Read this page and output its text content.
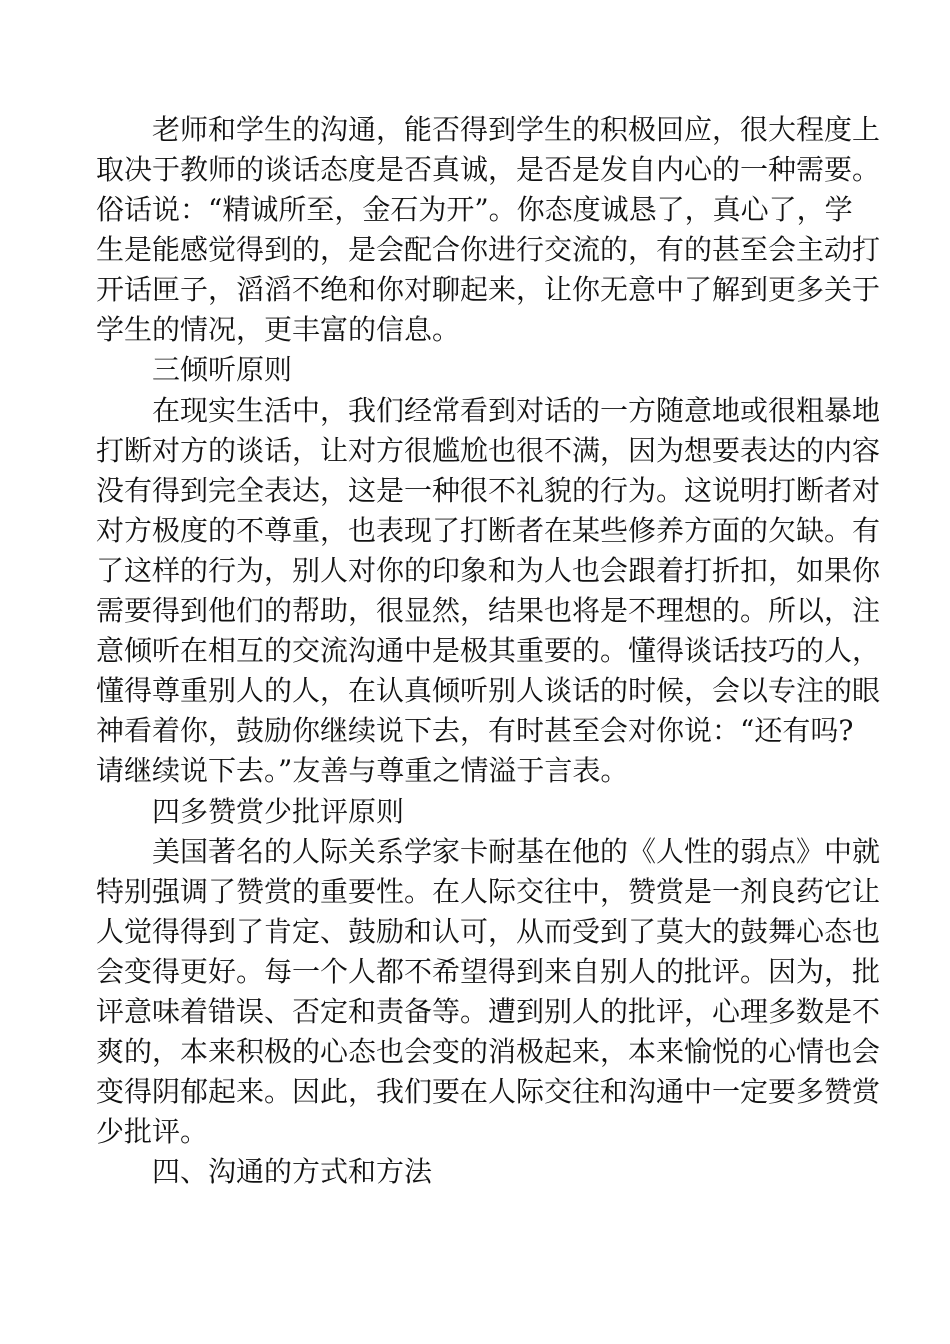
老师和学生的沟通，能否得到学生的积极回应，很大程度上
取决于教师的谈话态度是否真诚，是否是发自内心的一种需要。
俗话说：“精诚所至，金石为开”。你态度诚恳了，真心了，学
生是能感觉得到的，是会配合你进行交流的，有的甚至会主动打
开话匣子，滔滔不绝和你对聊起来，让你无意中了解到更多关于
学生的情况，更丰富的信息。
三倾听原则
在现实生活中，我们经常看到对话的一方随意地或很粗暴地
打断对方的谈话，让对方很尴尬也很不满，因为想要表达的内容
没有得到完全表达，这是一种很不礼貌的行为。这说明打断者对
对方极度的不尊重，也表现了打断者在某些修养方面的欠缺。有
了这样的行为，别人对你的印象和为人也会跟着打折扣，如果你
需要得到他们的帮助，很显然，结果也将是不理想的。所以，注
意倾听在相互的交流沟通中是极其重要的。懂得谈话技巧的人，
懂得尊重别人的人，在认真倾听别人谈话的时候，会以专注的眼
神看着你，鼓励你继续说下去，有时甚至会对你说：“还有吗?
请继续说下去。”友善与尊重之情溢于言表。
四多赞赏少批评原则
美国著名的人际关系学家卡耐基在他的《人性的弱点》中就
特别强调了赞赏的重要性。在人际交往中，赞赏是一剂良药它让
人觉得得到了肯定、鼓励和认可，从而受到了莫大的鼓舞心态也
会变得更好。每一个人都不希望得到来自别人的批评。因为，批
评意味着错误、否定和责备等。遭到别人的批评，心理多数是不
爽的，本来积极的心态也会变的消极起来，本来愉悦的心情也会
变得阴郁起来。因此，我们要在人际交往和沟通中一定要多赞赏
少批评。
四、沟通的方式和方法
